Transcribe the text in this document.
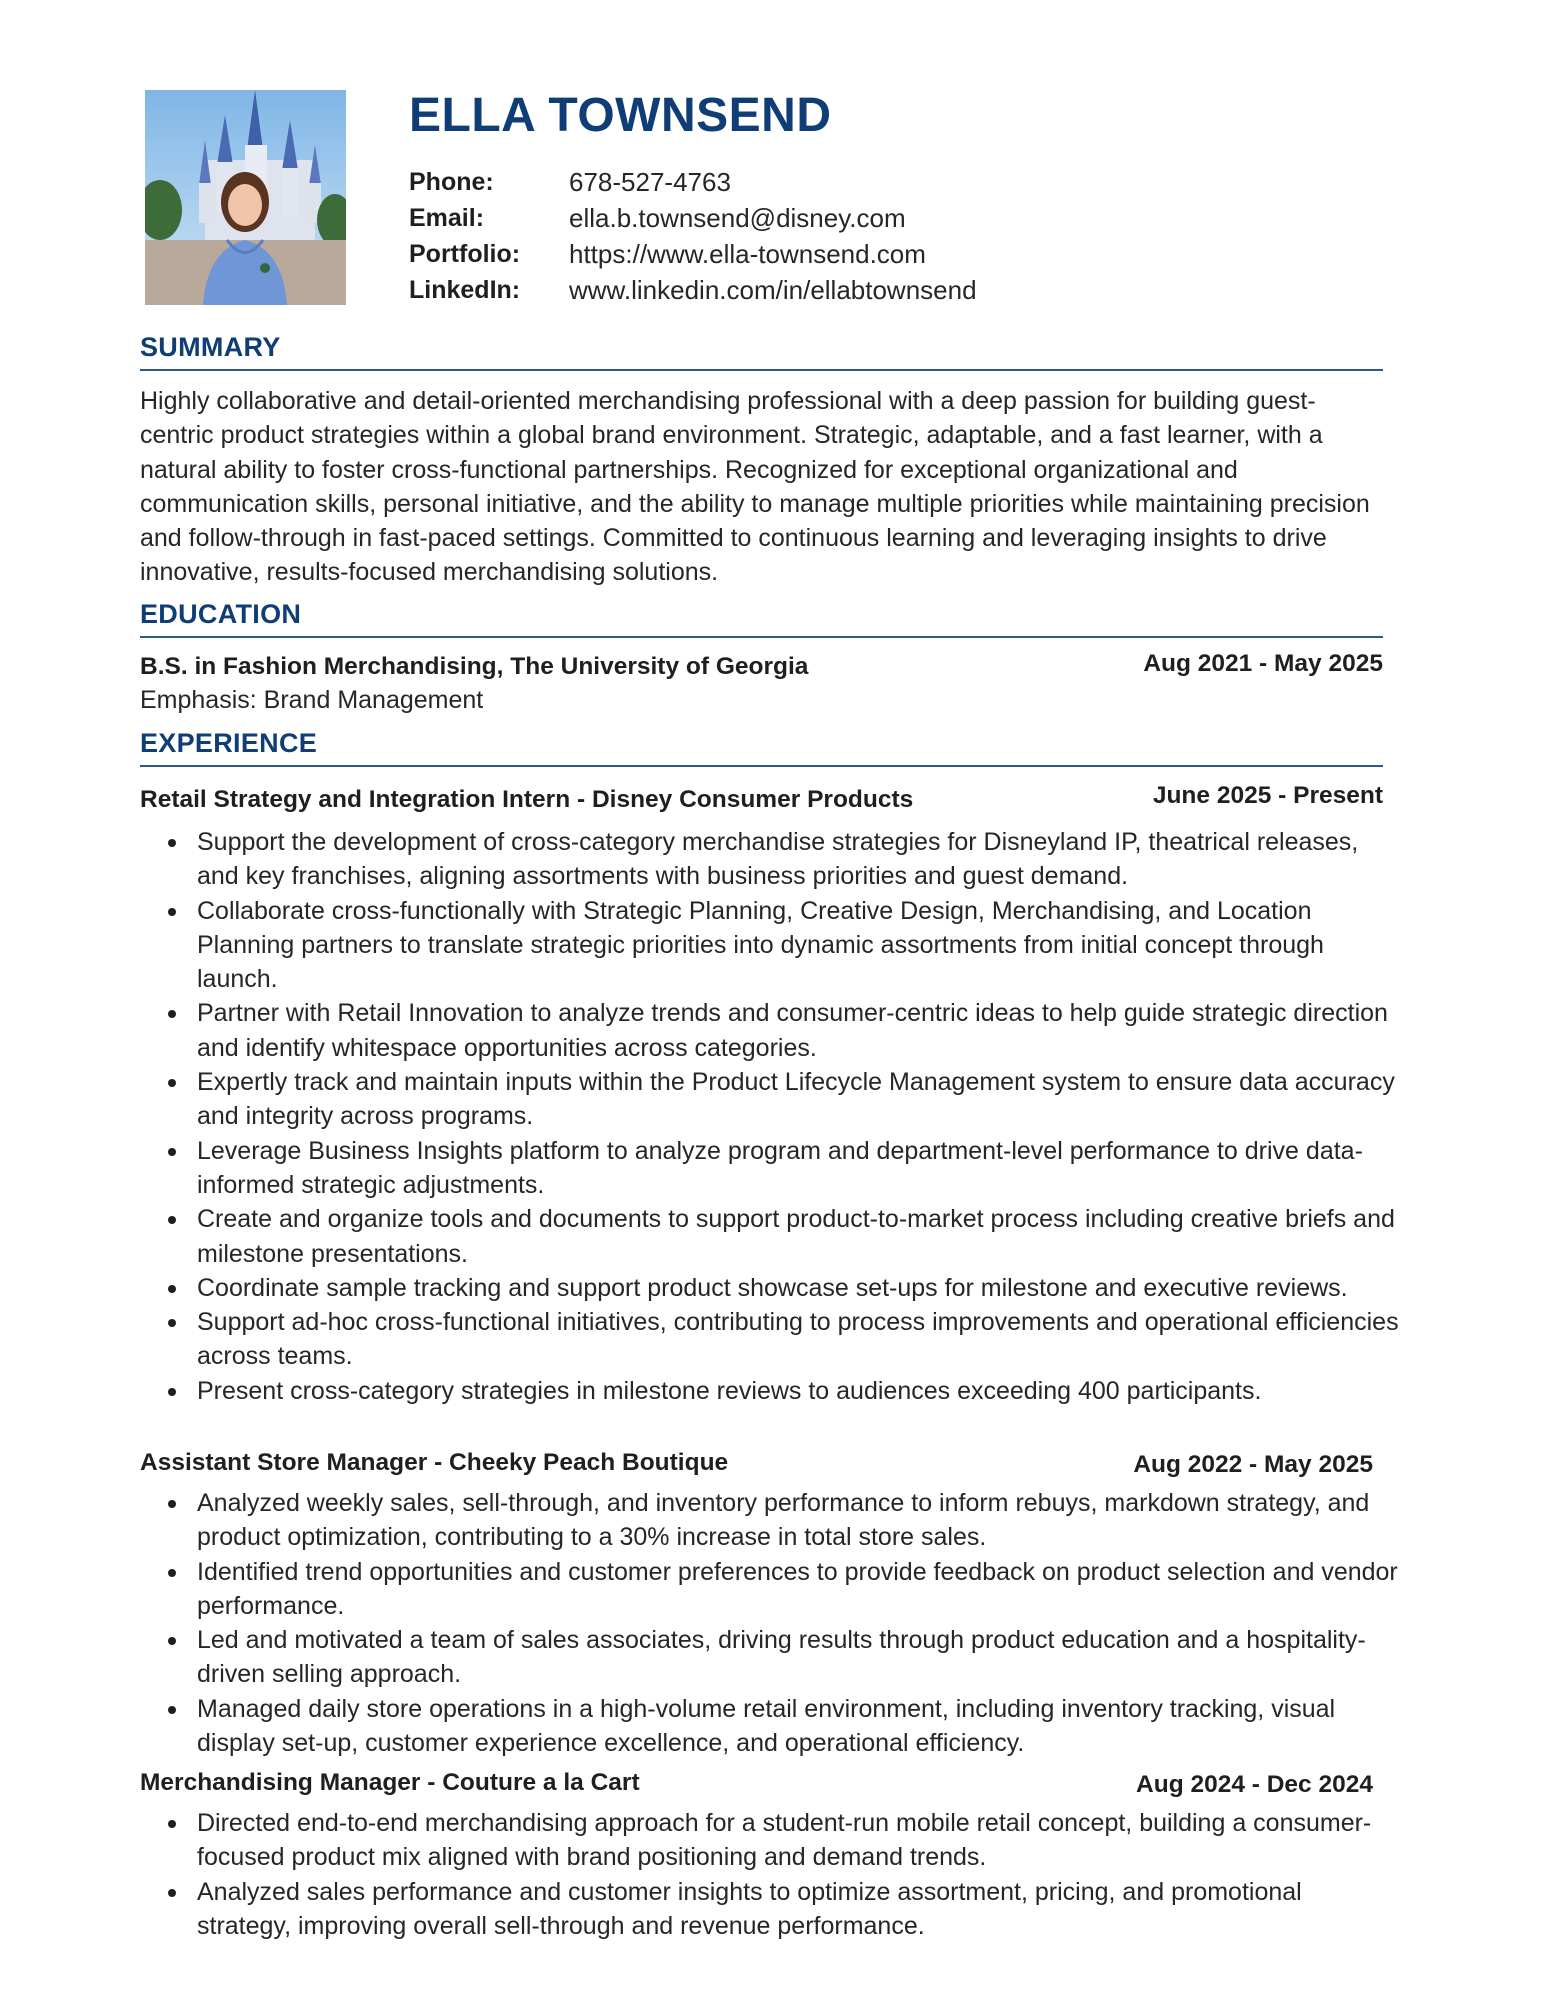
ELLA TOWNSEND
Phone:	678-527-4763
Email:	ella.b.townsend@disney.com
Portfolio:	https://www.ella-townsend.com
LinkedIn:	www.linkedin.com/in/ellabtownsend
SUMMARY

Highly collaborative and detail-oriented merchandising professional with a deep passion for building guest-centric product strategies within a global brand environment. Strategic, adaptable, and a fast learner, with a natural ability to foster cross-functional partnerships. Recognized for exceptional organizational and communication skills, personal initiative, and the ability to manage multiple priorities while maintaining precision and follow-through in fast-paced settings. Committed to continuous learning and leveraging insights to drive innovative, results-focused merchandising solutions.

EDUCATION
B.S. in Fashion Merchandising, The University of Georgia	Aug 2021 - May 2025
Emphasis: Brand Management
EXPERIENCE
Retail Strategy and Integration Intern - Disney Consumer Products	June 2025 - Present
Support the development of cross-category merchandise strategies for Disneyland IP, theatrical releases, and key franchises, aligning assortments with business priorities and guest demand.
Collaborate cross-functionally with Strategic Planning, Creative Design, Merchandising, and Location Planning partners to translate strategic priorities into dynamic assortments from initial concept through launch.
Partner with Retail Innovation to analyze trends and consumer-centric ideas to help guide strategic direction and identify whitespace opportunities across categories.
Expertly track and maintain inputs within the Product Lifecycle Management system to ensure data accuracy and integrity across programs.
Leverage Business Insights platform to analyze program and department-level performance to drive data-informed strategic adjustments.
Create and organize tools and documents to support product-to-market process including creative briefs and milestone presentations.
Coordinate sample tracking and support product showcase set-ups for milestone and executive reviews.
Support ad-hoc cross-functional initiatives, contributing to process improvements and operational efficiencies across teams.
Present cross-category strategies in milestone reviews to audiences exceeding 400 participants.
Assistant Store Manager - Cheeky Peach Boutique	Aug 2022 - May 2025
Analyzed weekly sales, sell-through, and inventory performance to inform rebuys, markdown strategy, and product optimization, contributing to a 30% increase in total store sales.
Identified trend opportunities and customer preferences to provide feedback on product selection and vendor performance.
Led and motivated a team of sales associates, driving results through product education and a hospitality-driven selling approach.
Managed daily store operations in a high-volume retail environment, including inventory tracking, visual display set-up, customer experience excellence, and operational efficiency.
Merchandising Manager - Couture a la Cart	Aug 2024 - Dec 2024
Directed end-to-end merchandising approach for a student-run mobile retail concept, building a consumer-focused product mix aligned with brand positioning and demand trends.
Analyzed sales performance and customer insights to optimize assortment, pricing, and promotional strategy, improving overall sell-through and revenue performance.
